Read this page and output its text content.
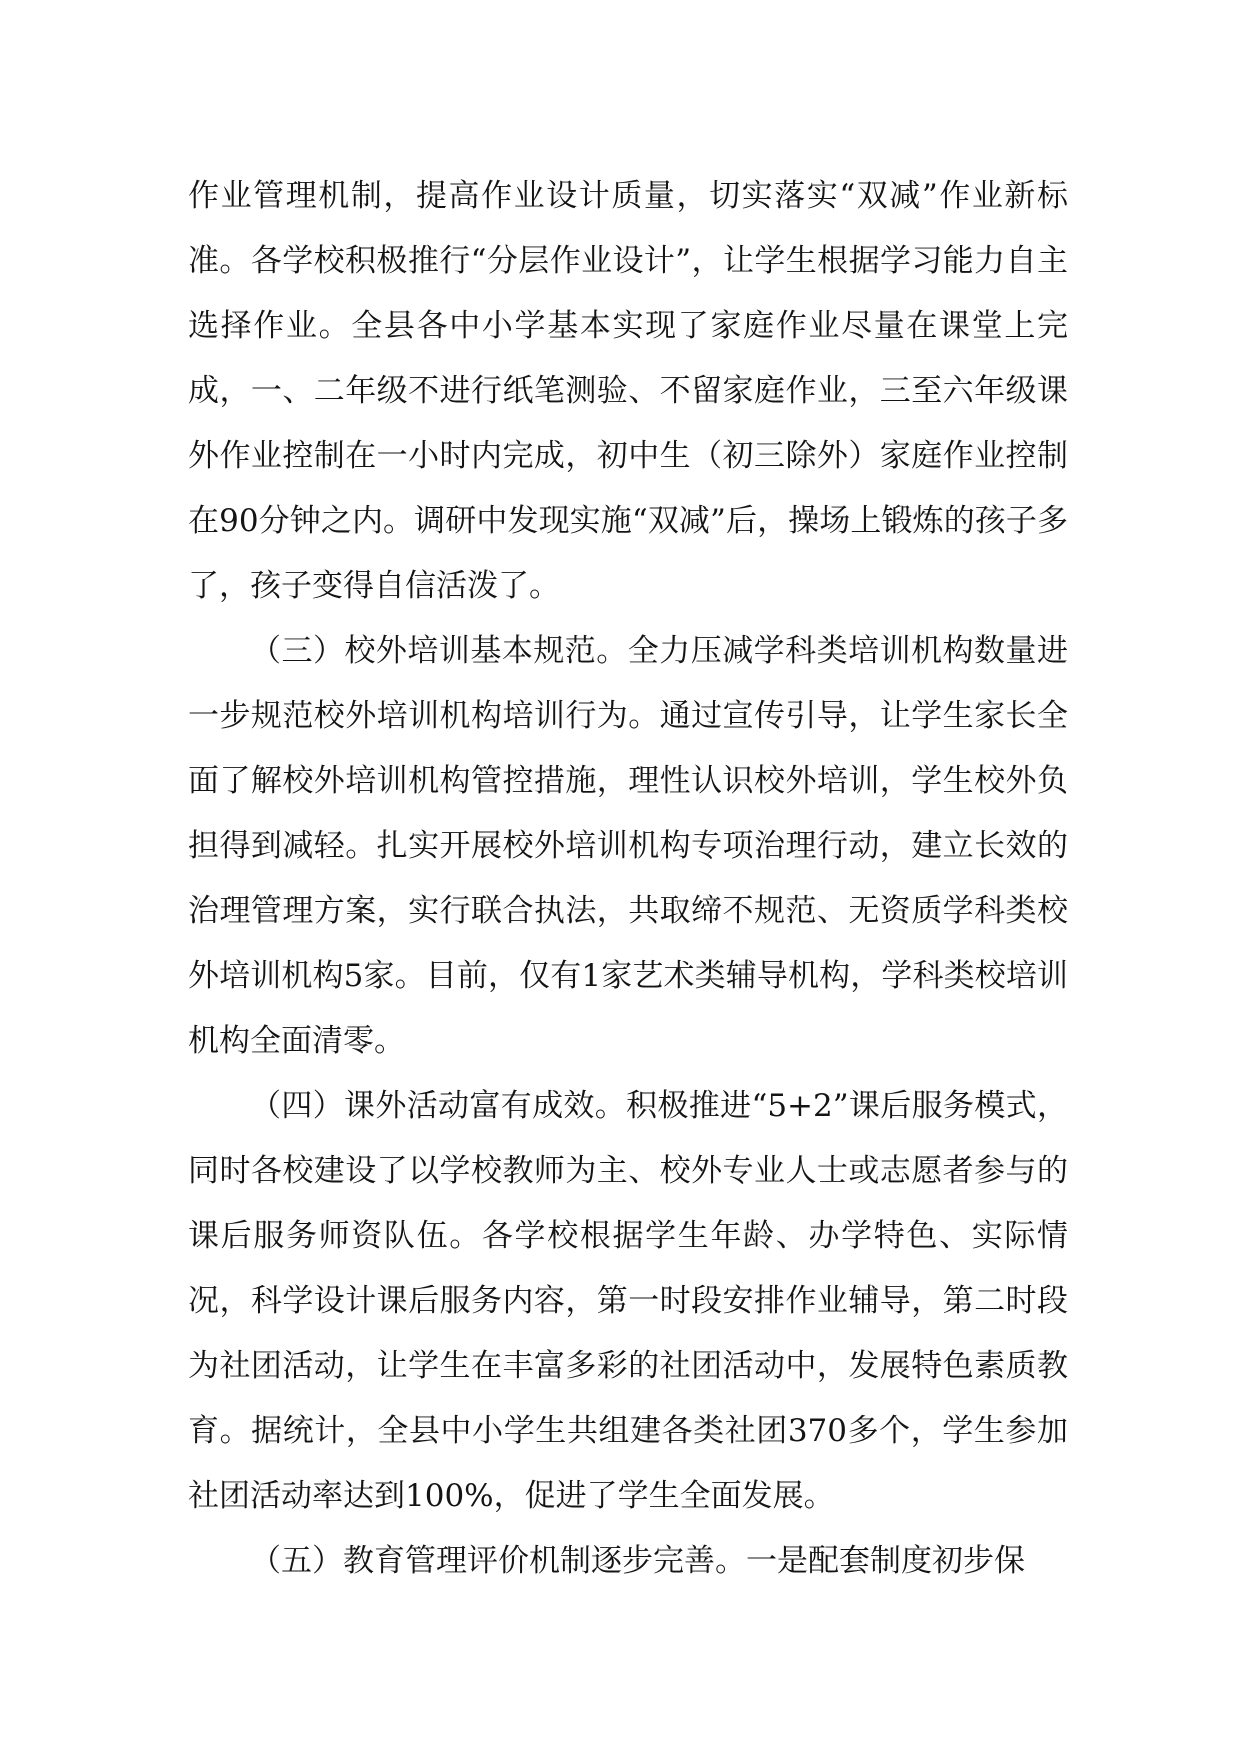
作业管理机制，提高作业设计质量，切实落实“双减”作业新标准。各学校积极推行“分层作业设计”，让学生根据学习能力自主选择作业。全县各中小学基本实现了家庭作业尽量在课堂上完成，一、二年级不进行纸笔测验、不留家庭作业，三至六年级课外作业控制在一小时内完成，初中生（初三除外）家庭作业控制在90分钟之内。调研中发现实施“双减”后，操场上锻炼的孩子多了，孩子变得自信活泼了。

（三）校外培训基本规范。全力压减学科类培训机构数量进一步规范校外培训机构培训行为。通过宣传引导，让学生家长全面了解校外培训机构管控措施，理性认识校外培训，学生校外负担得到减轻。扎实开展校外培训机构专项治理行动，建立长效的治理管理方案，实行联合执法，共取缔不规范、无资质学科类校外培训机构5家。目前，仅有1家艺术类辅导机构，学科类校培训机构全面清零。

（四）课外活动富有成效。积极推进“5+2”课后服务模式，同时各校建设了以学校教师为主、校外专业人士或志愿者参与的课后服务师资队伍。各学校根据学生年龄、办学特色、实际情况，科学设计课后服务内容，第一时段安排作业辅导，第二时段为社团活动，让学生在丰富多彩的社团活动中，发展特色素质教育。据统计，全县中小学生共组建各类社团370多个，学生参加社团活动率达到100%，促进了学生全面发展。

（五）教育管理评价机制逐步完善。一是配套制度初步保
